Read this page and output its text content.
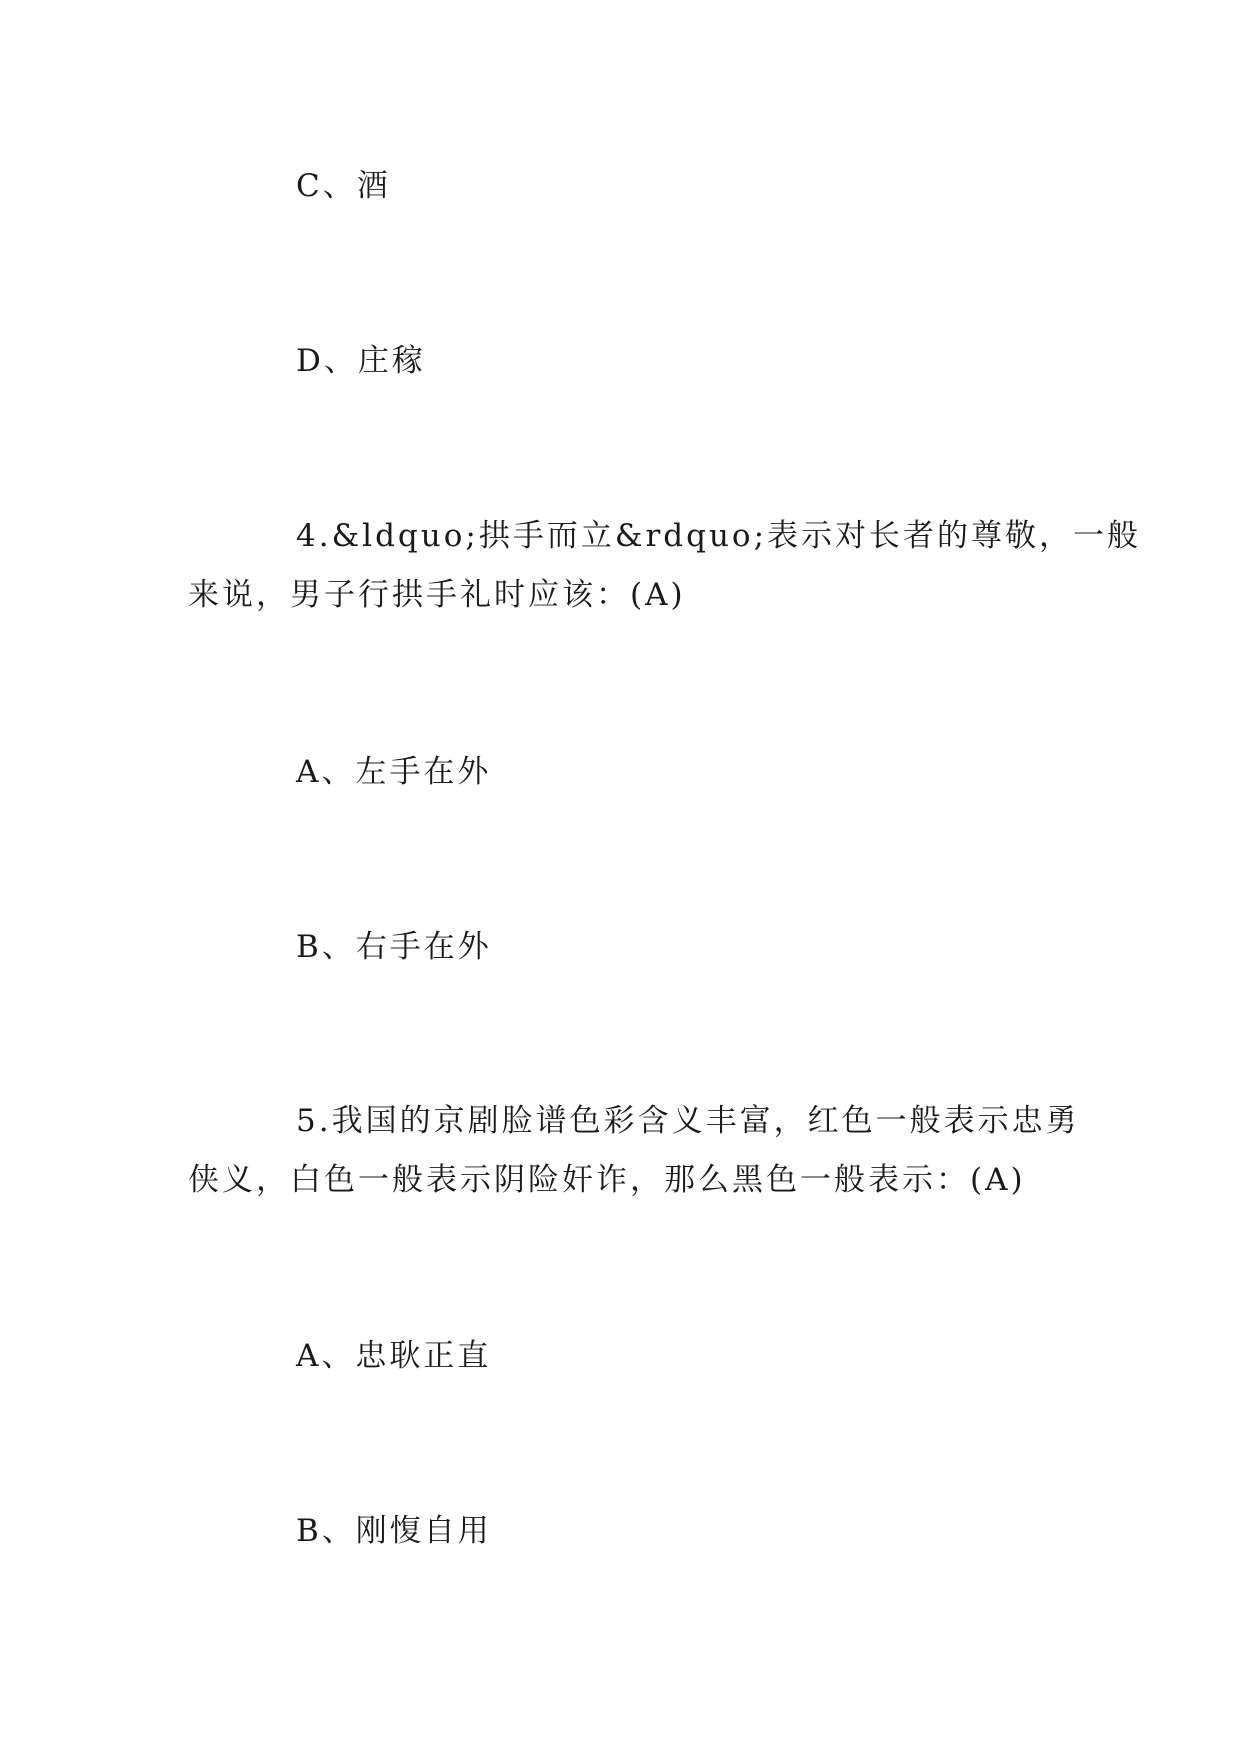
C、酒
D、庄稼
4.&ldquo;拱手而立&rdquo;表示对长者的尊敬，一般
来说，男子行拱手礼时应该：(A)
A、左手在外
B、右手在外
5.我国的京剧脸谱色彩含义丰富，红色一般表示忠勇
侠义，白色一般表示阴险奸诈，那么黑色一般表示：(A)
A、忠耿正直
B、刚愎自用
